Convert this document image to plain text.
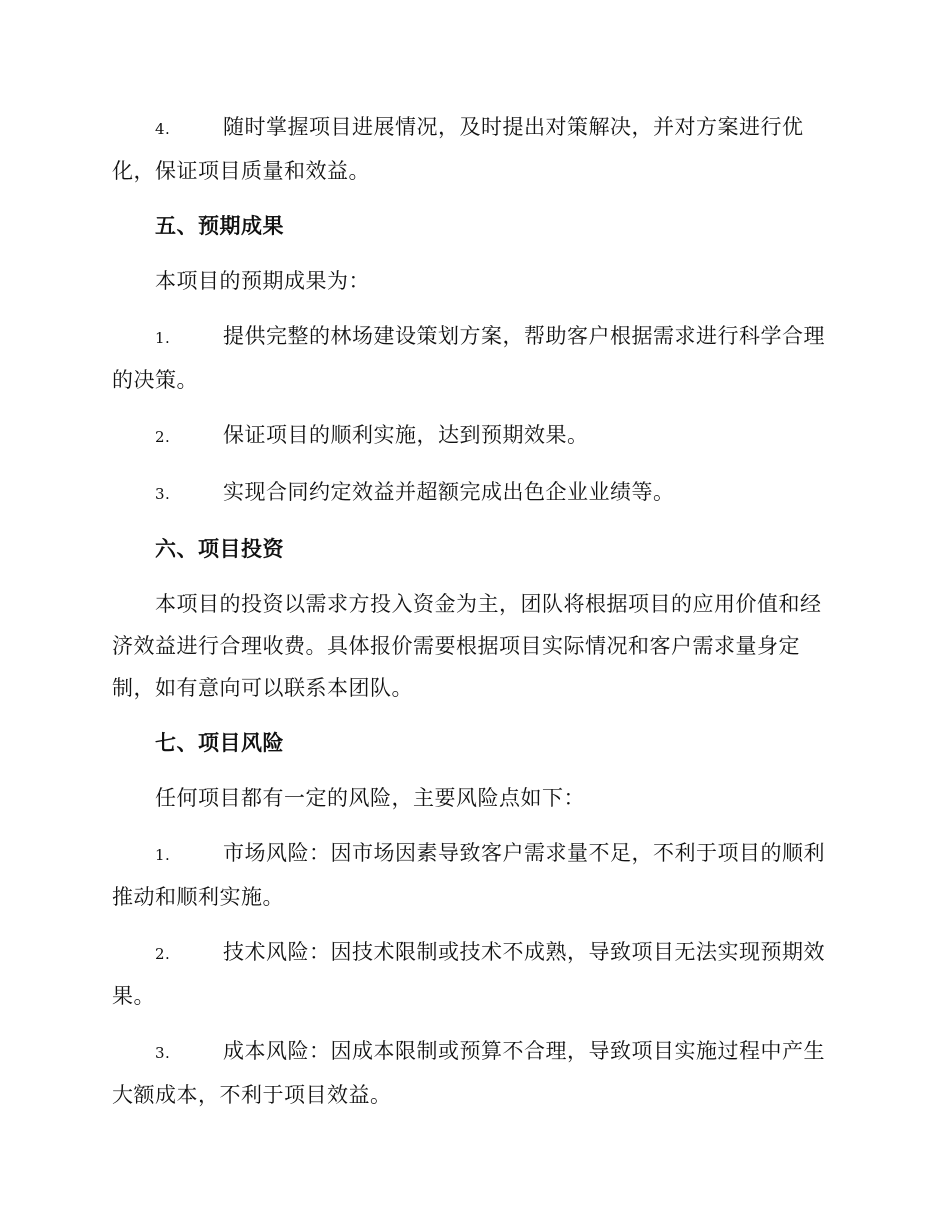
4.	随时掌握项目进展情况，及时提出对策解决，并对方案进行优化，保证项目质量和效益。

五、预期成果

本项目的预期成果为：

1.	提供完整的林场建设策划方案，帮助客户根据需求进行科学合理的决策。

2.	保证项目的顺利实施，达到预期效果。

3.	实现合同约定效益并超额完成出色企业业绩等。

六、项目投资

本项目的投资以需求方投入资金为主，团队将根据项目的应用价值和经济效益进行合理收费。具体报价需要根据项目实际情况和客户需求量身定制，如有意向可以联系本团队。

七、项目风险

任何项目都有一定的风险，主要风险点如下：

1.	市场风险：因市场因素导致客户需求量不足，不利于项目的顺利推动和顺利实施。

2.	技术风险：因技术限制或技术不成熟，导致项目无法实现预期效果。

3.	成本风险：因成本限制或预算不合理，导致项目实施过程中产生大额成本，不利于项目效益。
